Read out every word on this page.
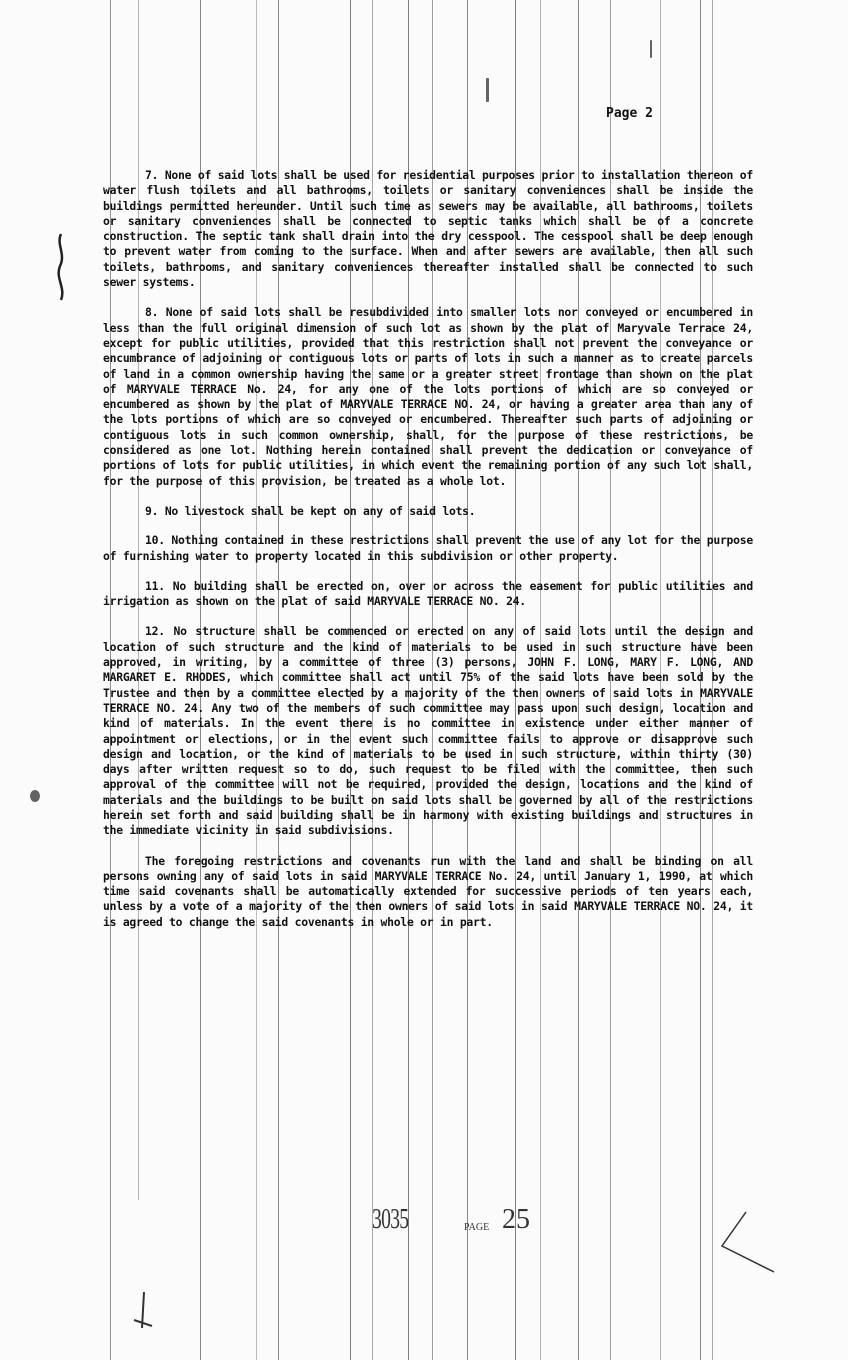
Page 2

7. None of said lots shall be used for residential purposes prior to installation thereon of water flush toilets and all bathrooms, toilets or sanitary conveniences shall be inside the buildings permitted hereunder. Until such time as sewers may be available, all bathrooms, toilets or sanitary conveniences shall be connected to septic tanks which shall be of a concrete construction. The septic tank shall drain into the dry cesspool. The cesspool shall be deep enough to prevent water from coming to the surface. When and after sewers are available, then all such toilets, bathrooms, and sanitary conveniences thereafter installed shall be connected to such sewer systems.

8. None of said lots shall be resubdivided into smaller lots nor conveyed or encumbered in less than the full original dimension of such lot as shown by the plat of Maryvale Terrace 24, except for public utilities, provided that this restriction shall not prevent the conveyance or encumbrance of adjoining or contiguous lots or parts of lots in such a manner as to create parcels of land in a common ownership having the same or a greater street frontage than shown on the plat of MARYVALE TERRACE No. 24, for any one of the lots portions of which are so conveyed or encumbered as shown by the plat of MARYVALE TERRACE NO. 24, or having a greater area than any of the lots portions of which are so conveyed or encumbered. Thereafter such parts of adjoining or contiguous lots in such common ownership, shall, for the purpose of these restrictions, be considered as one lot. Nothing herein contained shall prevent the dedication or conveyance of portions of lots for public utilities, in which event the remaining portion of any such lot shall, for the purpose of this provision, be treated as a whole lot.

9. No livestock shall be kept on any of said lots.

10. Nothing contained in these restrictions shall prevent the use of any lot for the purpose of furnishing water to property located in this subdivision or other property.

11. No building shall be erected on, over or across the easement for public utilities and irrigation as shown on the plat of said MARYVALE TERRACE NO. 24.

12. No structure shall be commenced or erected on any of said lots until the design and location of such structure and the kind of materials to be used in such structure have been approved, in writing, by a committee of three (3) persons, JOHN F. LONG, MARY F. LONG, AND MARGARET E. RHODES, which committee shall act until 75% of the said lots have been sold by the Trustee and then by a committee elected by a majority of the then owners of said lots in MARYVALE TERRACE NO. 24. Any two of the members of such committee may pass upon such design, location and kind of materials. In the event there is no committee in existence under either manner of appointment or elections, or in the event such committee fails to approve or disapprove such design and location, or the kind of materials to be used in such structure, within thirty (30) days after written request so to do, such request to be filed with the committee, then such approval of the committee will not be required, provided the design, locations and the kind of materials and the buildings to be built on said lots shall be governed by all of the restrictions herein set forth and said building shall be in harmony with existing buildings and structures in the immediate vicinity in said subdivisions.

The foregoing restrictions and covenants run with the land and shall be binding on all persons owning any of said lots in said MARYVALE TERRACE No. 24, until January 1, 1990, at which time said covenants shall be automatically extended for successive periods of ten years each, unless by a vote of a majority of the then owners of said lots in said MARYVALE TERRACE NO. 24, it is agreed to change the said covenants in whole or in part.

3035	PAGE 25
